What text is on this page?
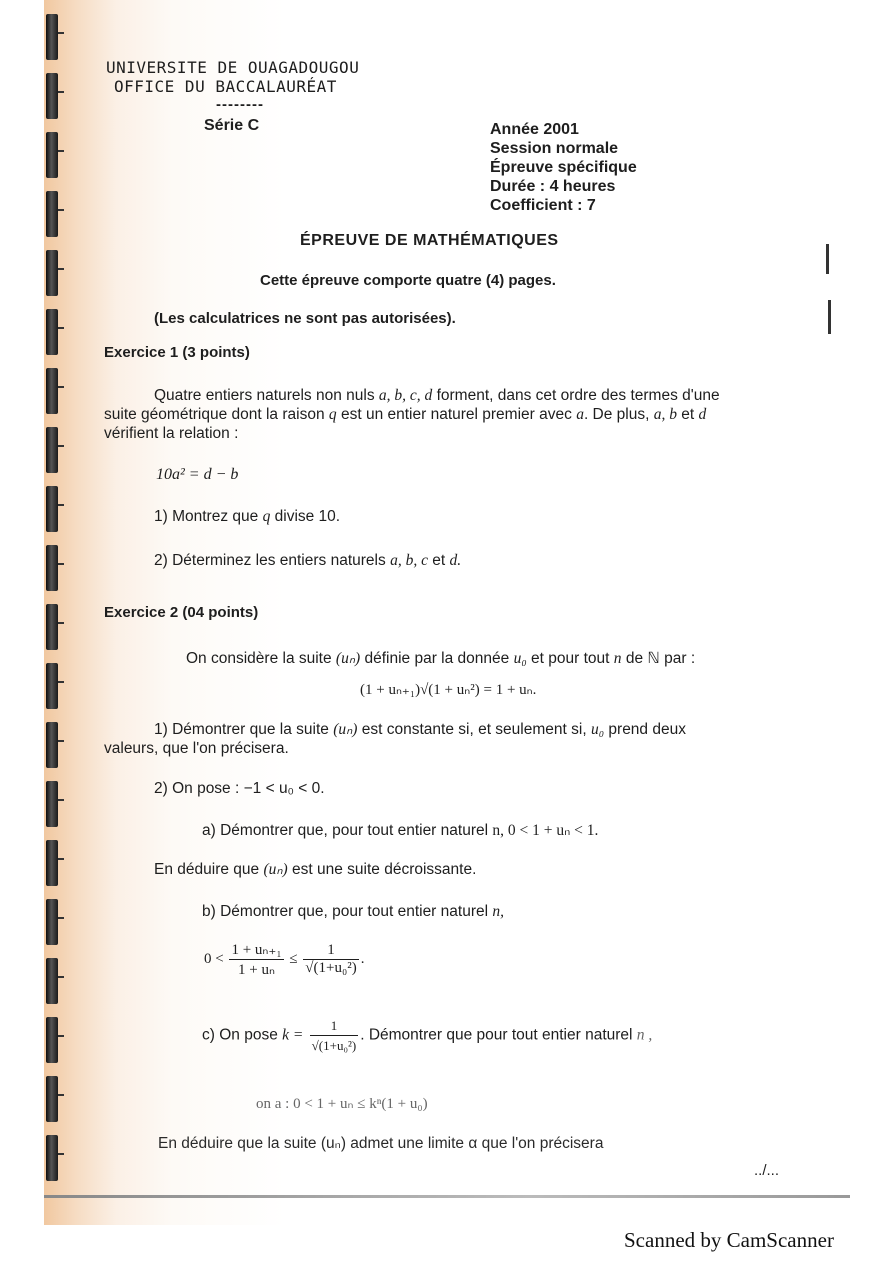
UNIVERSITE DE OUAGADOUGOU
OFFICE DU BACCALAURÉAT
--------
Série C	Année 2001
Session normale
Épreuve spécifique
Durée : 4 heures
Coefficient : 7
ÉPREUVE DE MATHÉMATIQUES
Cette épreuve comporte quatre (4) pages.
(Les calculatrices ne sont pas autorisées).
Exercice 1 (3 points)
Quatre entiers naturels non nuls a, b, c, d forment, dans cet ordre des termes d'une
suite géométrique dont la raison q est un entier naturel premier avec a. De plus, a, b et d
vérifient la relation :
10a² = d − b
1) Montrez que q divise 10.
2) Déterminez les entiers naturels a, b, c et d.
Exercice 2 (04 points)
On considère la suite (uₙ) définie par la donnée u₀ et pour tout n de ℕ par :
(1 + uₙ₊₁)√(1 + uₙ²) = 1 + uₙ.
1) Démontrer que la suite (uₙ) est constante si, et seulement si, u₀ prend deux
valeurs, que l'on précisera.
2) On pose : −1 < u₀ < 0.
a) Démontrer que, pour tout entier naturel n, 0 < 1 + uₙ < 1.
En déduire que (uₙ) est une suite décroissante.
b) Démontrer que, pour tout entier naturel n,
$0 < \frac{\text{1 + uₙ₊₁}}{\text{1 + uₙ}} \le \frac{1}{\text{√(1+u₀²)}}$ .
c) On pose $k = \frac{1}{\text{√(1+u₀²)}}$ . Démontrer que pour tout entier naturel n ,
on a : 0 < 1 + uₙ ≤ kⁿ(1 + u₀)
En déduire que la suite (uₙ) admet une limite α que l'on précisera
../...
Scanned by CamScanner
